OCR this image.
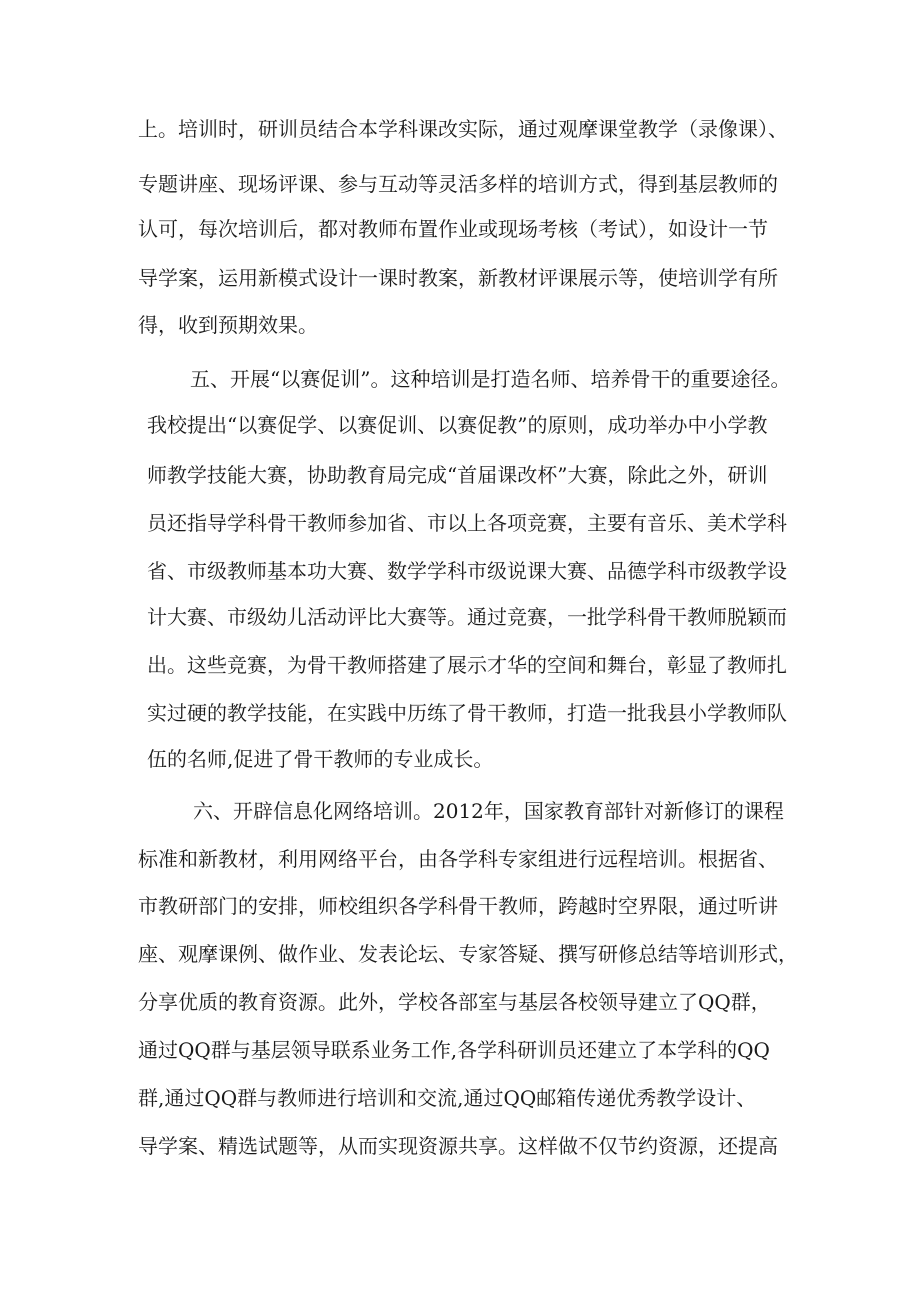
上。培训时，研训员结合本学科课改实际，通过观摩课堂教学（录像课）、
专题讲座、现场评课、参与互动等灵活多样的培训方式，得到基层教师的
认可，每次培训后，都对教师布置作业或现场考核（考试），如设计一节
导学案，运用新模式设计一课时教案，新教材评课展示等，使培训学有所
得，收到预期效果。
五、开展“以赛促训”。这种培训是打造名师、培养骨干的重要途径。
我校提出“以赛促学、以赛促训、以赛促教”的原则，成功举办中小学教
师教学技能大赛，协助教育局完成“首届课改杯”大赛，除此之外，研训
员还指导学科骨干教师参加省、市以上各项竞赛，主要有音乐、美术学科
省、市级教师基本功大赛、数学学科市级说课大赛、品德学科市级教学设
计大赛、市级幼儿活动评比大赛等。通过竞赛，一批学科骨干教师脱颖而
出。这些竞赛，为骨干教师搭建了展示才华的空间和舞台，彰显了教师扎
实过硬的教学技能，在实践中历练了骨干教师，打造一批我县小学教师队
伍的名师,促进了骨干教师的专业成长。
六、开辟信息化网络培训。2012年，国家教育部针对新修订的课程
标准和新教材，利用网络平台，由各学科专家组进行远程培训。根据省、
市教研部门的安排，师校组织各学科骨干教师，跨越时空界限，通过听讲
座、观摩课例、做作业、发表论坛、专家答疑、撰写研修总结等培训形式，
分享优质的教育资源。此外，学校各部室与基层各校领导建立了QQ群，
通过QQ群与基层领导联系业务工作,各学科研训员还建立了本学科的QQ
群,通过QQ群与教师进行培训和交流,通过QQ邮箱传递优秀教学设计、
导学案、精选试题等，从而实现资源共享。这样做不仅节约资源，还提高
